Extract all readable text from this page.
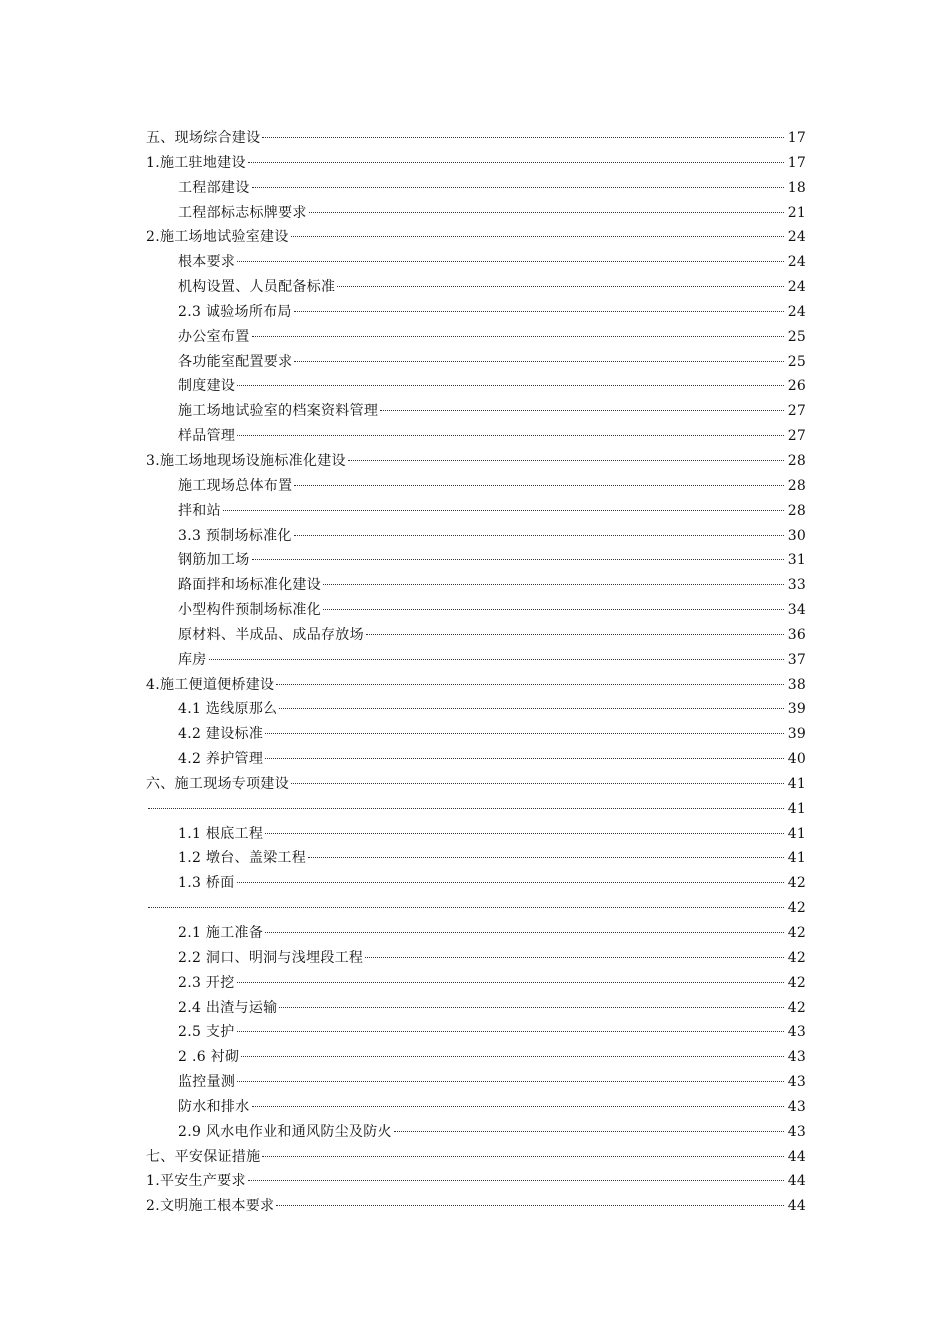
五、现场综合建设	17
1.施工驻地建设	17
工程部建设	18
工程部标志标牌要求	21
2.施工场地试验室建设	24
根本要求	24
机构设置、人员配备标准	24
2.3 诚验场所布局	24
办公室布置	25
各功能室配置要求	25
制度建设	26
施工场地试验室的档案资料管理	27
样品管理	27
3.施工场地现场设施标准化建设	28
施工现场总体布置	28
拌和站	28
3.3 预制场标准化	30
钢筋加工场	31
路面拌和场标准化建设	33
小型构件预制场标准化	34
原材料、半成品、成品存放场	36
库房	37
4.施工便道便桥建设	38
4.1 选线原那么	39
4.2 建设标准	39
4.2 养护管理	40
六、施工现场专项建设	41
41
1.1 根底工程	41
1.2 墩台、盖梁工程	41
1.3 桥面	42
42
2.1 施工准备	42
2.2 洞口、明洞与浅埋段工程	42
2.3 开挖	42
2.4 出渣与运输	42
2.5 支护	43
2 .6 衬砌	43
监控量测	43
防水和排水	43
2.9 风水电作业和通风防尘及防火	43
七、平安保证措施	44
1.平安生产要求	44
2.文明施工根本要求	44
